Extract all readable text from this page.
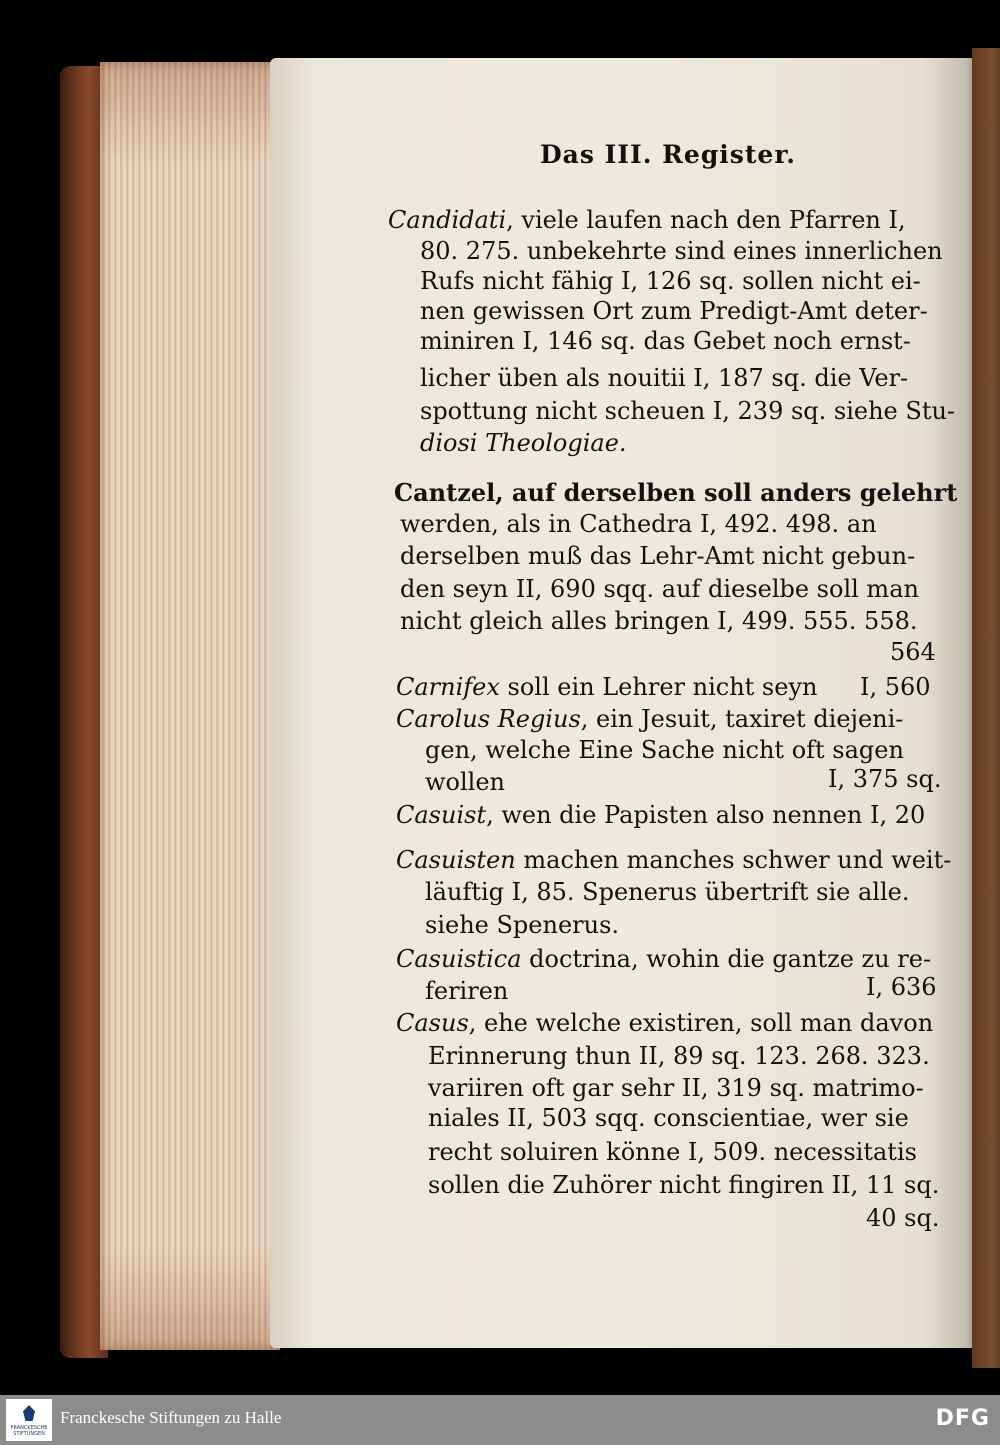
Das III. Register.
Candidati, viele laufen nach den Pfarren I,
80. 275. unbekehrte sind eines innerlichen
Rufs nicht fähig I, 126 sq. sollen nicht ei-
nen gewissen Ort zum Predigt-Amt deter-
miniren I, 146 sq. das Gebet noch ernst-
licher üben als nouitii I, 187 sq. die Ver-
spottung nicht scheuen I, 239 sq. siehe Stu-
diosi Theologiae.
Cantzel, auf derselben soll anders gelehrt
werden, als in Cathedra I, 492. 498. an
derselben muß das Lehr-Amt nicht gebun-
den seyn II, 690 sqq. auf dieselbe soll man
nicht gleich alles bringen I, 499. 555. 558.
564
Carnifex soll ein Lehrer nicht seyn I, 560
Carolus Regius, ein Jesuit, taxiret diejeni-
gen, welche Eine Sache nicht oft sagen
wollen	I, 375 sq.
Casuist, wen die Papisten also nennen I, 20
Casuisten machen manches schwer und weit-
läuftig I, 85. Spenerus übertrift sie alle.
siehe Spenerus.
Casuistica doctrina, wohin die gantze zu re-
feriren	I, 636
Casus, ehe welche existiren, soll man davon
Erinnerung thun II, 89 sq. 123. 268. 323.
variiren oft gar sehr II, 319 sq. matrimo-
niales II, 503 sqq. conscientiae, wer sie
recht soluiren könne I, 509. necessitatis
sollen die Zuhörer nicht fingiren II, 11 sq.
40 sq.
FRANCKESCHE STIFTUNGEN
Franckesche Stiftungen zu Halle	DFG
